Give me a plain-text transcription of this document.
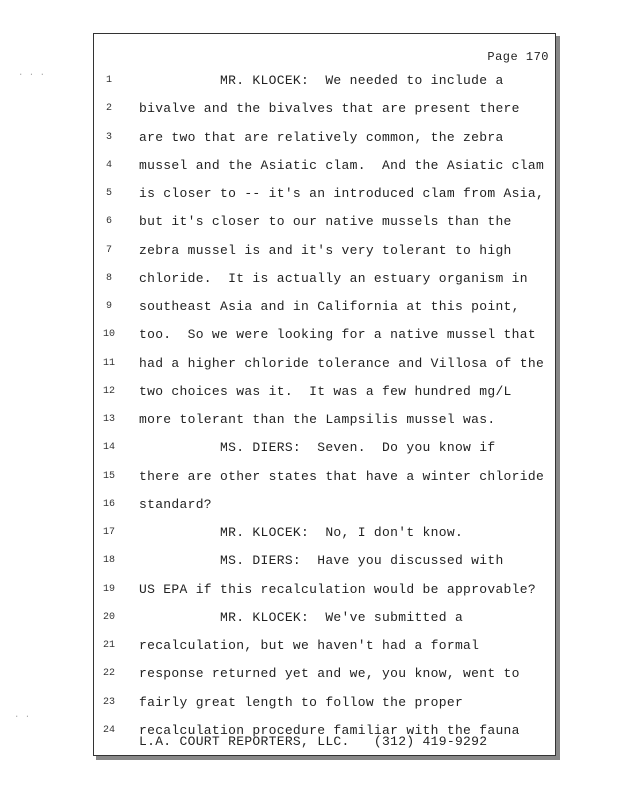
· · ·
· ·
Page 170
1	MR. KLOCEK:  We needed to include a
2	bivalve and the bivalves that are present there
3	are two that are relatively common, the zebra
4	mussel and the Asiatic clam.  And the Asiatic clam
5	is closer to -- it's an introduced clam from Asia,
6	but it's closer to our native mussels than the
7	zebra mussel is and it's very tolerant to high
8	chloride.  It is actually an estuary organism in
9	southeast Asia and in California at this point,
10	too.  So we were looking for a native mussel that
11	had a higher chloride tolerance and Villosa of the
12	two choices was it.  It was a few hundred mg/L
13	more tolerant than the Lampsilis mussel was.
14	MS. DIERS:  Seven.  Do you know if
15	there are other states that have a winter chloride
16	standard?
17	MR. KLOCEK:  No, I don't know.
18	MS. DIERS:  Have you discussed with
19	US EPA if this recalculation would be approvable?
20	MR. KLOCEK:  We've submitted a
21	recalculation, but we haven't had a formal
22	response returned yet and we, you know, went to
23	fairly great length to follow the proper
24	recalculation procedure familiar with the fauna
L.A. COURT REPORTERS, LLC.   (312) 419-9292
